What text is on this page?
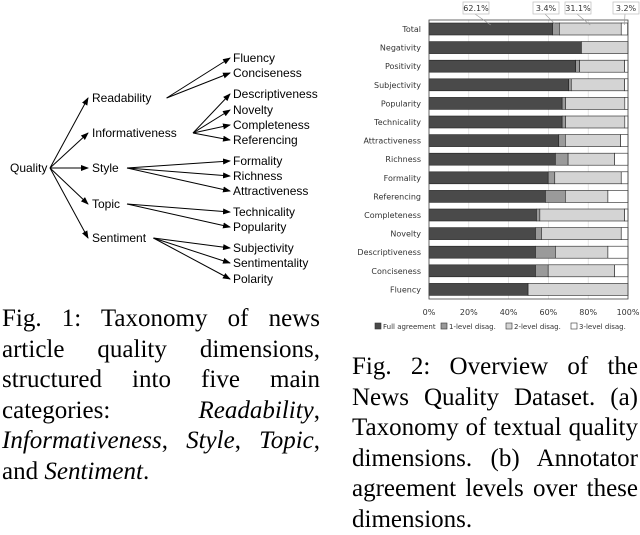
Quality
Readability
Fluency
Conciseness
Informativeness
Descriptiveness
Novelty
Completeness
Referencing
Style	Formality
Richness
Attractiveness
Topic
Technicality
Popularity
Sentiment
Subjectivity
Sentimentality
Polarity
0%	20%	40%	60%	80% 100%
Total
Negativity
Positivity
Subjectivity
Popularity
Technicality
Attractiveness
Richness
Formality
Referencing
Completeness
Novelty
Descriptiveness
Conciseness
Fluency
62.1%	3.4% 31.1%	3.2%
Full agreement 1-level disag.	2-level disag.	3-level disag.
Fig. 1: Taxonomy of news article quality dimensions, structured into five main categories: Readability, Informativeness, Style, Topic, and Sentiment.
Fig. 2: Overview of the News Quality Dataset. (a) Taxonomy of textual quality dimensions. (b) Annotator agreement levels over these dimensions.
